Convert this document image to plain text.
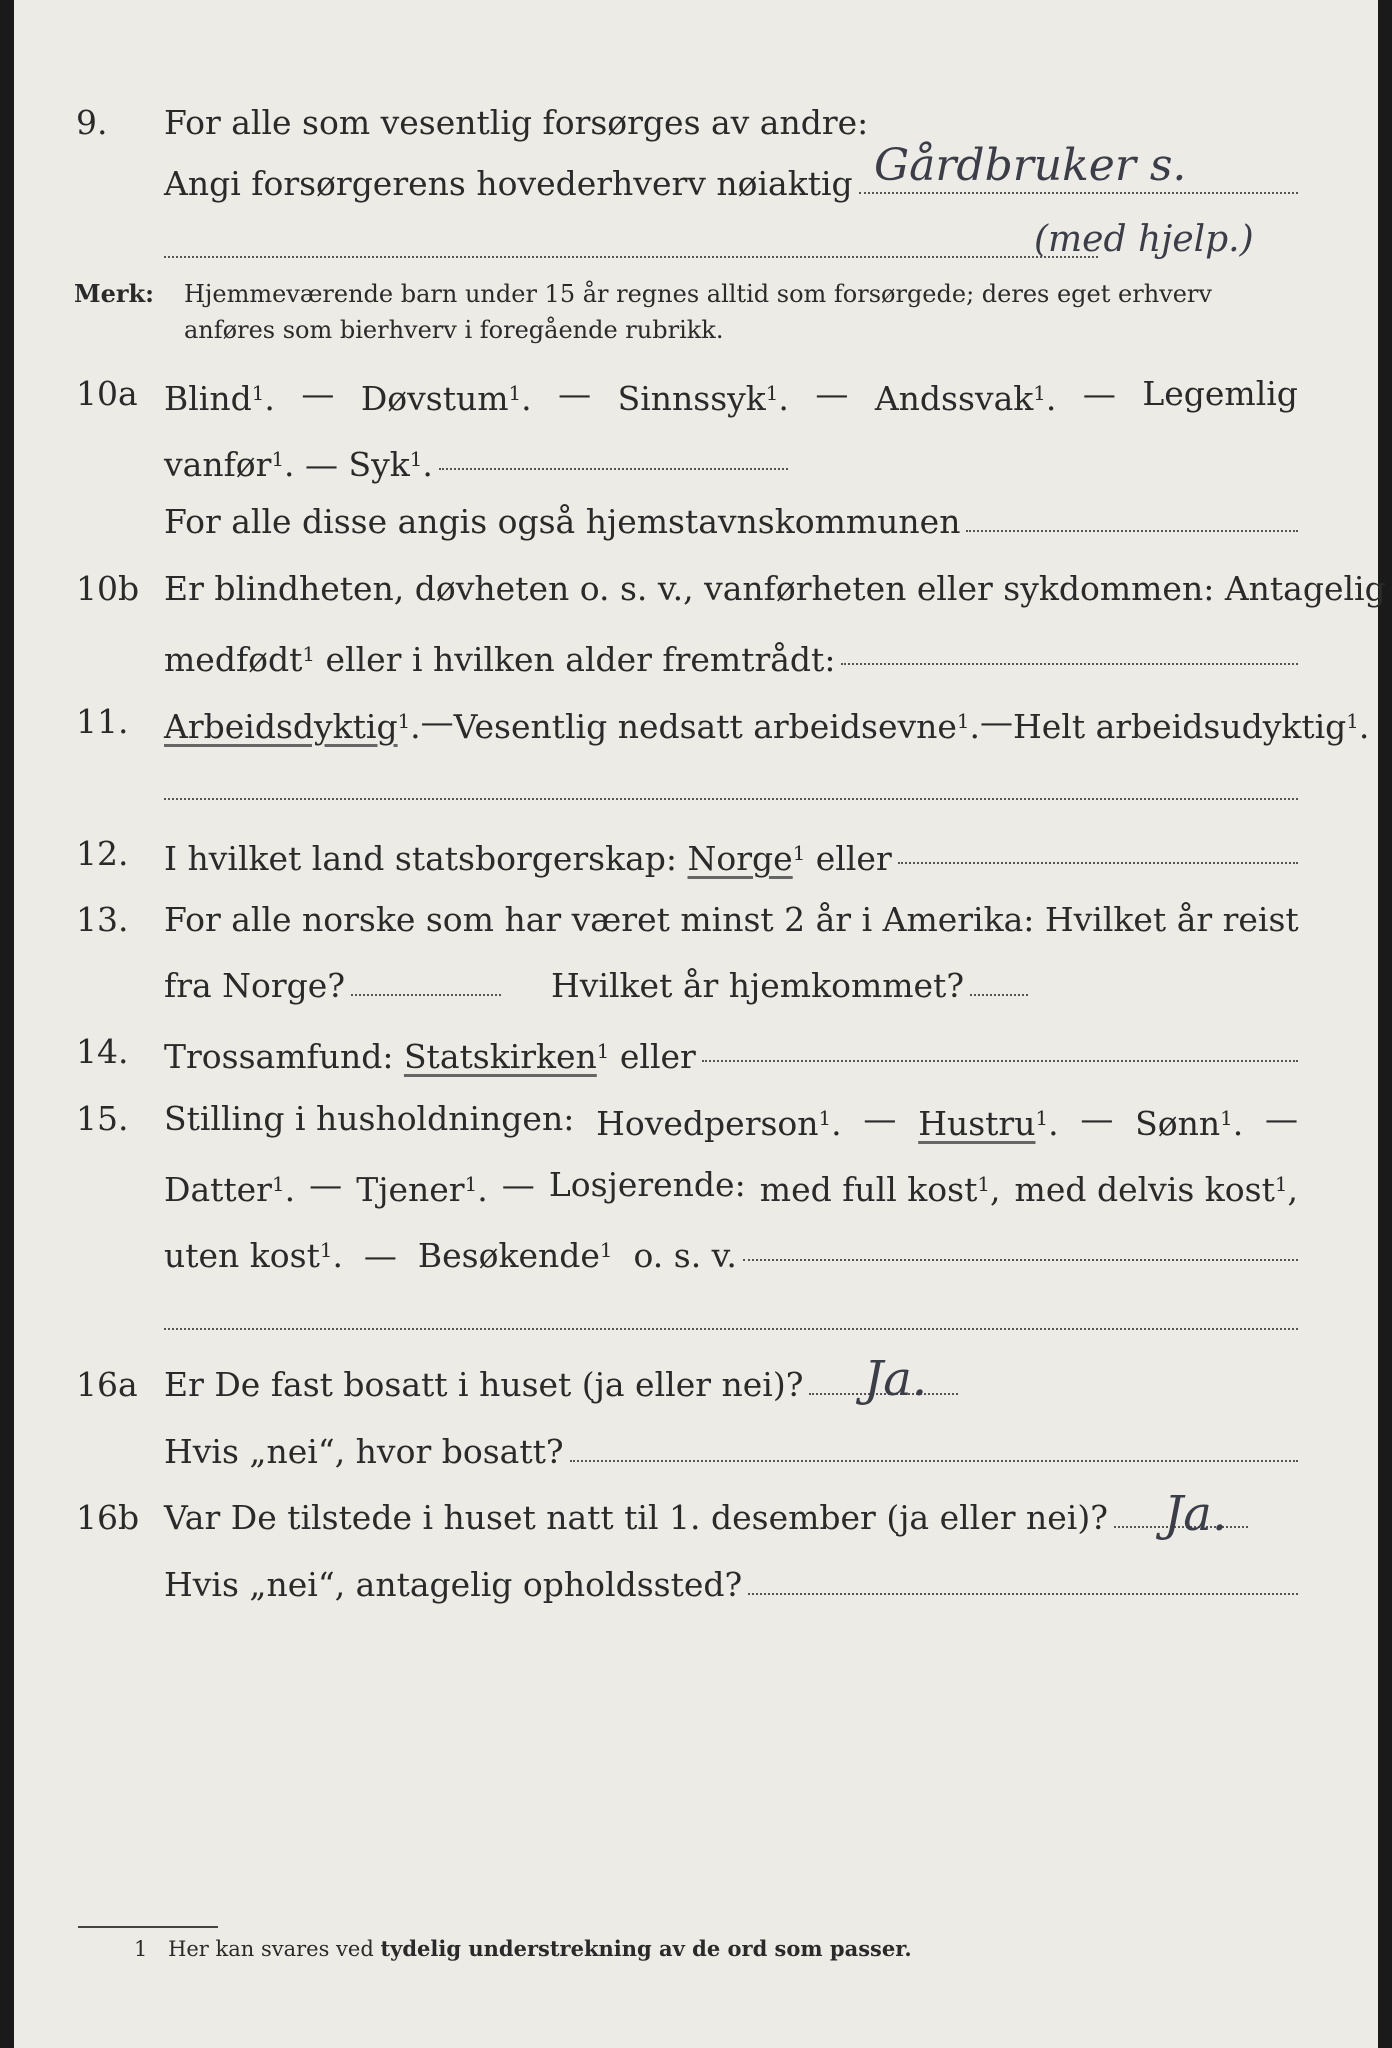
9. For alle som vesentlig forsørges av andre:
Angi forsørgerens hovederhverv nøiaktig Gårdbruker s.
(med hjelp.)
Merk: Hjemmeværende barn under 15 år regnes alltid som forsørgede; deres eget erhverv
anføres som bierhverv i foregående rubrikk.
10a Blind$^1$. — Døvstum$^1$. — Sinnssyk$^1$. — Andssvak$^1$. — Legemlig
vanfør$^1$. — Syk$^1$.
For alle disse angis også hjemstavnskommunen
10b Er blindheten, døvheten o. s. v., vanførheten eller sykdommen: Antagelig
medfødt$^1$ eller i hvilken alder fremtrådt:
11. Arbeidsdyktig$^1$. — Vesentlig nedsatt arbeidsevne$^1$. — Helt arbeidsudyktig$^1$.
12. I hvilket land statsborgerskap: Norge$^1$ eller
13. For alle norske som har været minst 2 år i Amerika: Hvilket år reist
fra Norge?	Hvilket år hjemkommet?
14. Trossamfund: Statskirken$^1$ eller
15. Stilling i husholdningen: Hovedperson$^1$. — Hustru$^1$. — Sønn$^1$. —
Datter$^1$. — Tjener$^1$. — Losjerende: med full kost$^1$, med delvis kost$^1$,
uten kost$^1$.  —  Besøkende$^1$ o. s. v.
16a Er De fast bosatt i huset (ja eller nei)? Ja.
Hvis „nei“, hvor bosatt?
16b Var De tilstede i huset natt til 1. desember (ja eller nei)? Ja.
Hvis „nei“, antagelig opholdssted?
1 Her kan svares ved tydelig understrekning av de ord som passer.
